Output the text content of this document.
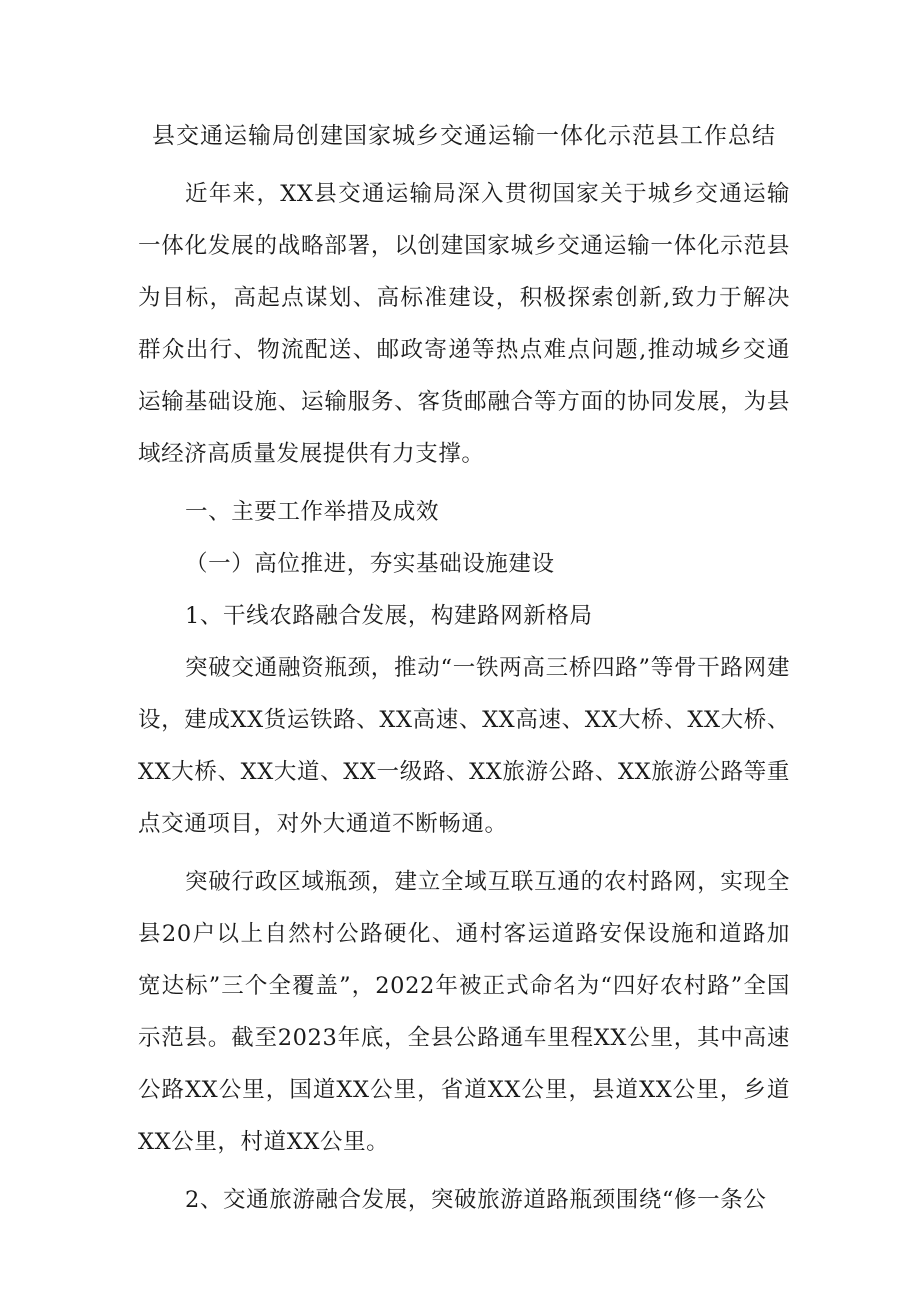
县交通运输局创建国家城乡交通运输一体化示范县工作总结

近年来，XX县交通运输局深入贯彻国家关于城乡交通运输一体化发展的战略部署，以创建国家城乡交通运输一体化示范县为目标，高起点谋划、高标准建设，积极探索创新,致力于解决群众出行、物流配送、邮政寄递等热点难点问题,推动城乡交通运输基础设施、运输服务、客货邮融合等方面的协同发展，为县域经济高质量发展提供有力支撑。

一、主要工作举措及成效

（一）高位推进，夯实基础设施建设

1、干线农路融合发展，构建路网新格局

突破交通融资瓶颈，推动“一铁两高三桥四路”等骨干路网建设，建成XX货运铁路、XX高速、XX高速、XX大桥、XX大桥、XX大桥、XX大道、XX一级路、XX旅游公路、XX旅游公路等重点交通项目，对外大通道不断畅通。

突破行政区域瓶颈，建立全域互联互通的农村路网，实现全县20户以上自然村公路硬化、通村客运道路安保设施和道路加宽达标”三个全覆盖”，2022年被正式命名为“四好农村路”全国示范县。截至2023年底，全县公路通车里程XX公里，其中高速公路XX公里，国道XX公里，省道XX公里，县道XX公里，乡道XX公里，村道XX公里。

2、交通旅游融合发展，突破旅游道路瓶颈围绕“修一条公
